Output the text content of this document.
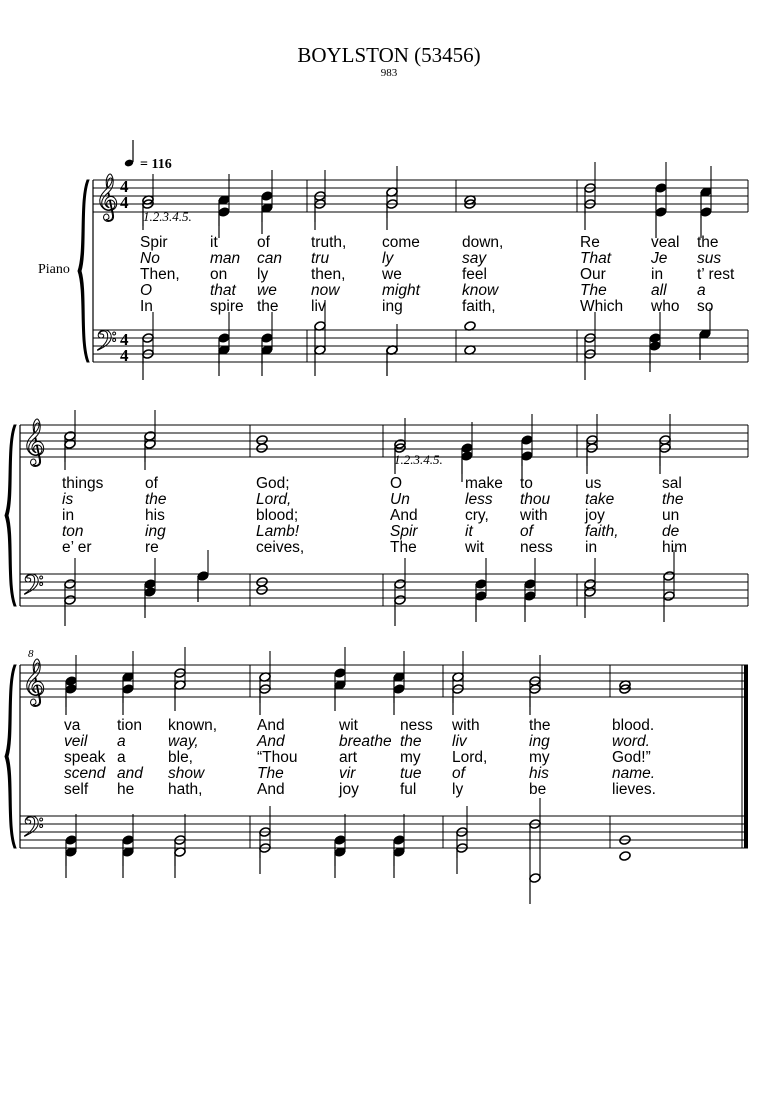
𝄞
𝄢
𝄞
𝄢
𝄞
𝄢
Spir	it	of	truth, come	down,	Re	veal the
No	man can tru	ly	say	That	Je sus
Then, on ly	then, we	feel	Our	in t’ rest
O	that we now	might	know	The	all a
In	spire the liv	ing	faith,	Which who so
things	of	God;	O	make to	us	sal
is	the	Lord,	Un	less thou take	the
in	his	blood;	And	cry, with joy	un
ton	ing	Lamb!	Spir	it	of	faith,	de
e’ er	re	ceives,	The	wit ness in	him
va tion known,	And	wit	ness with	the	blood.
veil a	way,	And	breathe the liv	ing	word.
speak a	ble,	“Thou	art	my Lord,	my	God!”
scend and show	The	vir	tue of	his	name.
self he hath,	And	joy	ful ly	be	lieves.
BOYLSTON (53456)
983
= 116
Piano
4
4
4
4
1.2.3.4.5.
1.2.3.4.5.
8
